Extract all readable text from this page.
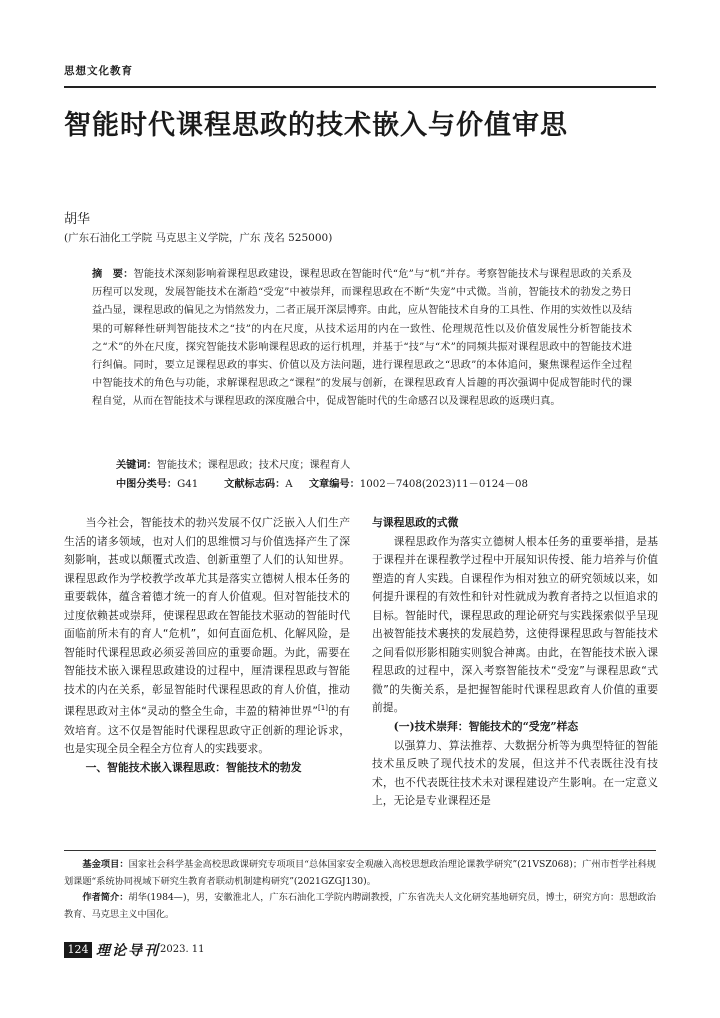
思想文化教育
智能时代课程思政的技术嵌入与价值审思
胡华
(广东石油化工学院 马克思主义学院，广东 茂名 525000)
摘　要：智能技术深刻影响着课程思政建设，课程思政在智能时代“危”与“机”并存。考察智能技术与课程思政的关系及历程可以发现，发展智能技术在渐趋“受宠”中被崇拜，而课程思政在不断“失宠”中式微。当前，智能技术的勃发之势日益凸显，课程思政的偏见之为悄然发力，二者正展开深层博弈。由此，应从智能技术自身的工具性、作用的实效性以及结果的可解释性研判智能技术之“技”的内在尺度，从技术运用的内在一致性、伦理规范性以及价值发展性分析智能技术之“术”的外在尺度，探究智能技术影响课程思政的运行机理，并基于“技”与“术”的同频共振对课程思政中的智能技术进行纠偏。同时，要立足课程思政的事实、价值以及方法问题，进行课程思政之“思政”的本体追问，聚焦课程运作全过程中智能技术的角色与功能，求解课程思政之“课程”的发展与创新，在课程思政育人旨趣的再次强调中促成智能时代的课程自觉，从而在智能技术与课程思政的深度融合中，促成智能时代的生命感召以及课程思政的返璞归真。
关键词：智能技术；课程思政；技术尺度；课程育人
中图分类号：G41	文献标志码：A 文章编号：1002－7408(2023)11－0124－08

当今社会，智能技术的勃兴发展不仅广泛嵌入人们生产生活的诸多领域，也对人们的思维惯习与价值选择产生了深刻影响，甚或以颠覆式改造、创新重塑了人们的认知世界。课程思政作为学校教学改革尤其是落实立德树人根本任务的重要载体，蕴含着德才统一的育人价值观。但对智能技术的过度依赖甚或崇拜，使课程思政在智能技术驱动的智能时代面临前所未有的育人“危机”，如何直面危机、化解风险，是智能时代课程思政必须妥善回应的重要命题。为此，需要在智能技术嵌入课程思政建设的过程中，厘清课程思政与智能技术的内在关系，彰显智能时代课程思政的育人价值，推动课程思政对主体“灵动的整全生命，丰盈的精神世界”[1]的有效培育。这不仅是智能时代课程思政守正创新的理论诉求，也是实现全员全程全方位育人的实践要求。

一、智能技术嵌入课程思政：智能技术的勃发

与课程思政的式微

课程思政作为落实立德树人根本任务的重要举措，是基于课程并在课程教学过程中开展知识传授、能力培养与价值塑造的育人实践。自课程作为相对独立的研究领域以来，如何提升课程的有效性和针对性就成为教育者持之以恒追求的目标。智能时代，课程思政的理论研究与实践探索似乎呈现出被智能技术裹挟的发展趋势，这使得课程思政与智能技术之间看似形影相随实则貌合神离。由此，在智能技术嵌入课程思政的过程中，深入考察智能技术“受宠”与课程思政“式微”的失衡关系，是把握智能时代课程思政育人价值的重要前提。

(一)技术崇拜：智能技术的“受宠”样态

以强算力、算法推荐、大数据分析等为典型特征的智能技术虽反映了现代技术的发展，但这并不代表既往没有技术，也不代表既往技术未对课程建设产生影响。在一定意义上，无论是专业课程还是

基金项目：国家社会科学基金高校思政课研究专项项目“总体国家安全观融入高校思想政治理论课教学研究”(21VSZ068)；广州市哲学社科规划课题“系统协同视域下研究生教育者联动机制建构研究”(2021GZGJ130)。

作者简介：胡华(1984—)，男，安徽淮北人，广东石油化工学院内聘副教授，广东省冼夫人文化研究基地研究员，博士，研究方向：思想政治教育、马克思主义中国化。

124 理论导刊 2023. 11
